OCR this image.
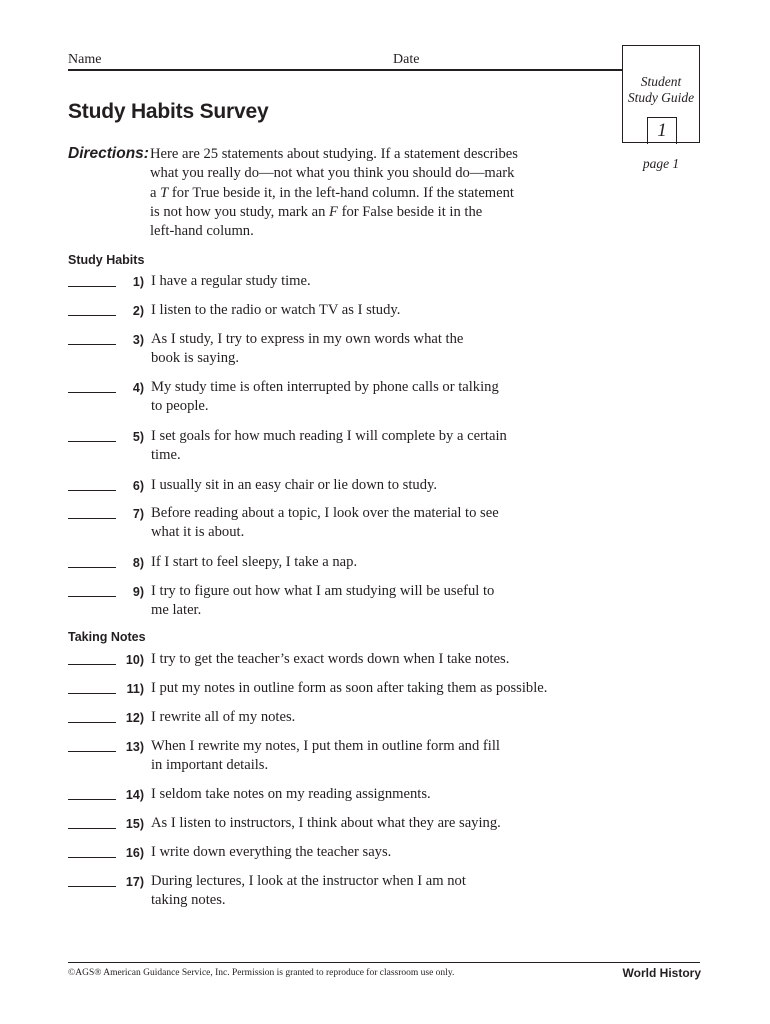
Name	Date
Student
Study Guide
1
page 1
Study Habits Survey
Directions: Here are 25 statements about studying. If a statement describes
what you really do—not what you think you should do—mark
a T for True beside it, in the left-hand column. If the statement
is not how you study, mark an F for False beside it in the
left-hand column.
Study Habits
Taking Notes
1) I have a regular study time.
2) I listen to the radio or watch TV as I study.
3) As I study, I try to express in my own words what the
book is saying.
4) My study time is often interrupted by phone calls or talking
to people.
5) I set goals for how much reading I will complete by a certain
time.
6) I usually sit in an easy chair or lie down to study.
7) Before reading about a topic, I look over the material to see
what it is about.
8) If I start to feel sleepy, I take a nap.
9) I try to figure out how what I am studying will be useful to
me later.
10) I try to get the teacher’s exact words down when I take notes.
11) I put my notes in outline form as soon after taking them as possible.
12) I rewrite all of my notes.
13) When I rewrite my notes, I put them in outline form and fill
in important details.
14) I seldom take notes on my reading assignments.
15) As I listen to instructors, I think about what they are saying.
16) I write down everything the teacher says.
17) During lectures, I look at the instructor when I am not
taking notes.
©AGS® American Guidance Service, Inc. Permission is granted to reproduce for classroom use only.	World History
